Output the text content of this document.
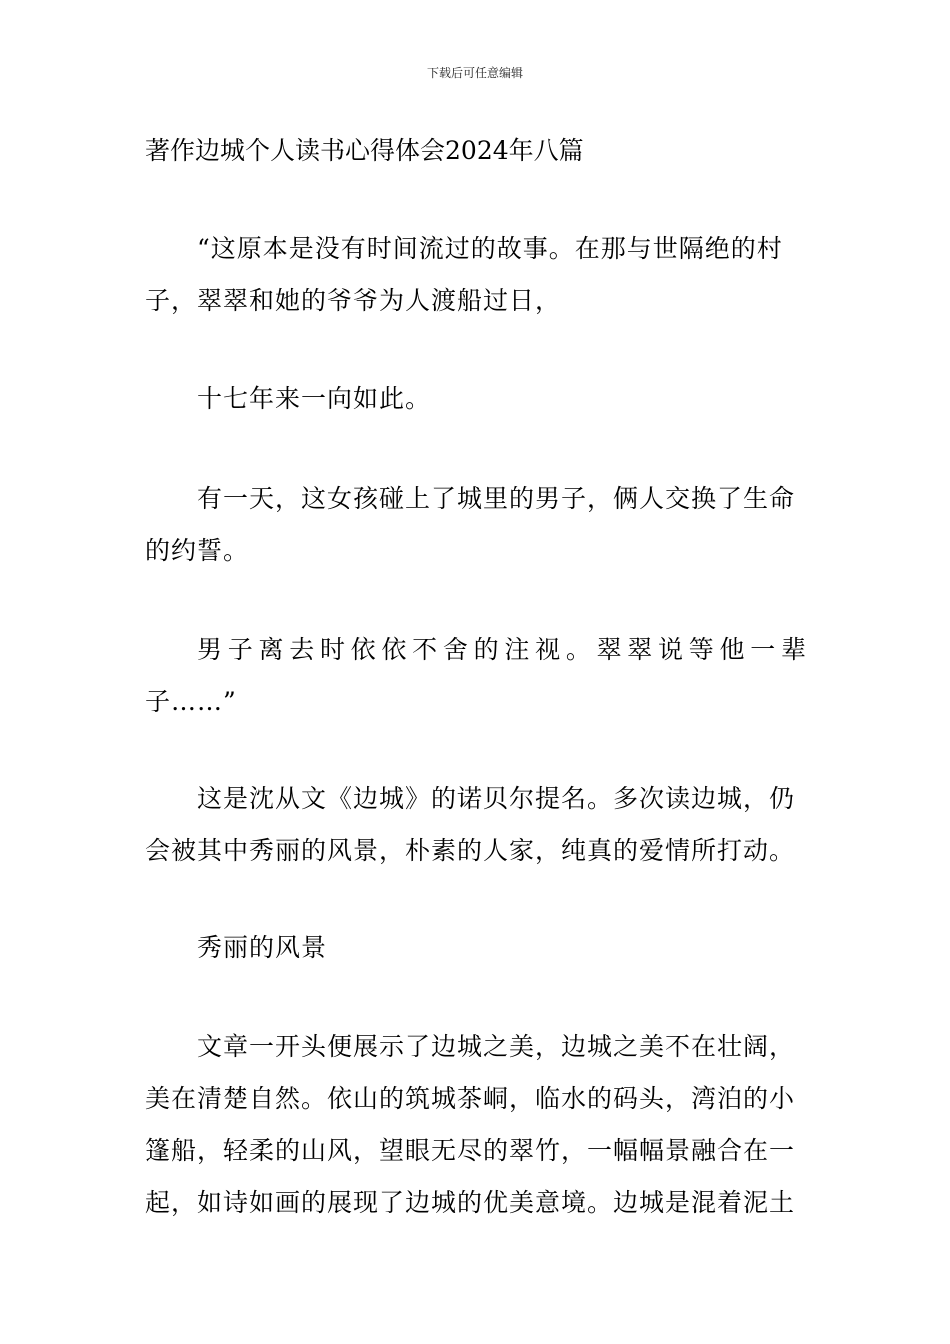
下载后可任意编辑
著作边城个人读书心得体会2024年八篇

“这原本是没有时间流过的故事。在那与世隔绝的村子，翠翠和她的爷爷为人渡船过日，

十七年来一向如此。

有一天，这女孩碰上了城里的男子，俩人交换了生命的约誓。

男子离去时依依不舍的注视。翠翠说等他一辈子……”

这是沈从文《边城》的诺贝尔提名。多次读边城，仍会被其中秀丽的风景，朴素的人家，纯真的爱情所打动。

秀丽的风景

文章一开头便展示了边城之美，边城之美不在壮阔，美在清楚自然。依山的筑城茶峒，临水的码头，湾泊的小篷船，轻柔的山风，望眼无尽的翠竹，一幅幅景融合在一起，如诗如画的展现了边城的优美意境。边城是混着泥土
